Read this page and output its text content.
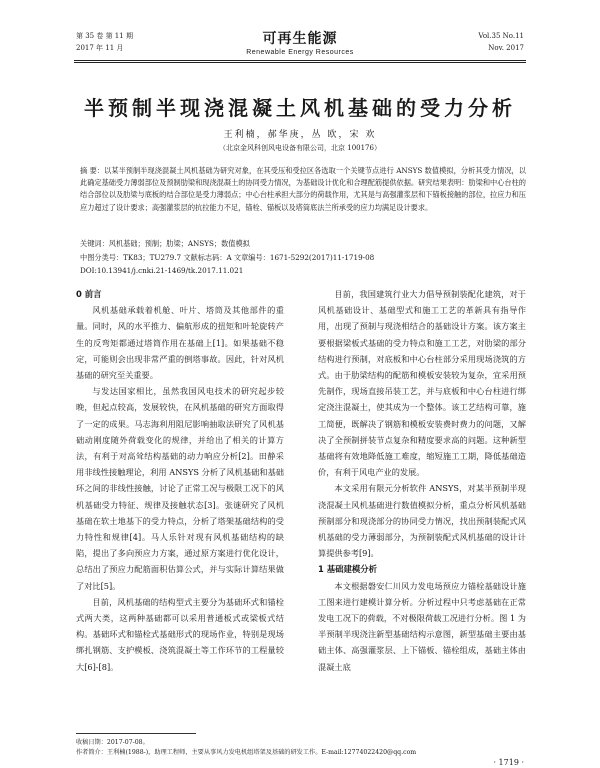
第 35 卷 第 11 期
2017 年 11 月
可再生能源
Renewable Energy Resources
Vol.35 No.11
Nov. 2017
半预制半现浇混凝土风机基础的受力分析
王利楠，郝华庚，丛 欧，宋 欢
（北京金风科创风电设备有限公司，北京 100176）
摘 要：以某半预制半现浇混凝土风机基础为研究对象，在其受压和受拉区各选取一个关键节点进行 ANSYS 数值模拟，分析其受力情况，以此确定基础受力薄弱部位及预制肋梁和现浇混凝土的协同受力情况，为基础设计优化和合理配筋提供依据。研究结果表明：肋梁和中心台柱的结合部位以及肋梁与底板的结合部位是受力薄弱点；中心台柱承担大部分的荷载作用，尤其是与高强灌浆层和下锚板接触的部位，拉应力和压应力超过了设计要求；高强灌浆层的抗拉能力不足，锚栓、锚板以及塔筒底法兰所承受的应力均满足设计要求。
关键词：风机基础；预制；肋梁；ANSYS；数值模拟
中图分类号：TK83；TU279.7 文献标志码：A 文章编号：1671-5292(2017)11-1719-08
DOI:10.13941/j.cnki.21-1469/tk.2017.11.021
0 前言

风机基础承载着机舱、叶片、塔筒及其他部件的重量。同时，风的水平推力、偏航形成的扭矩和叶轮旋转产生的反弯矩都通过塔筒作用在基础上[1]。如果基础不稳定，可能则会出现非常严重的倒塔事故。因此，针对风机基础的研究至关重要。

与发达国家相比，虽然我国风电技术的研究起步较晚，但起点较高，发展较快，在风机基础的研究方面取得了一定的成果。马志海利用阻尼影响抽取法研究了风机基础动刚度随外荷载变化的规律，并给出了相关的计算方法，有利于对高耸结构基础的动力响应分析[2]。田静采用非线性接触理论，利用 ANSYS 分析了风机基础和基础环之间的非线性接触，讨论了正常工况与极限工况下的风机基础受力特征、规律及接触状态[3]。张谜研究了风机基础在软土地基下的受力特点，分析了塔架基础结构的受力特性和规律[4]。马人乐针对现有风机基础结构的缺陷，提出了多向预应力方案，通过原方案进行优化设计，总结出了预应力配筋面积估算公式，并与实际计算结果做了对比[5]。

目前，风机基础的结构型式主要分为基础环式和锚栓式两大类，这两种基础都可以采用普通板式或梁板式结构。基础环式和锚栓式基础形式的现场作业，特别是现场绑扎钢筋、支护模板、浇筑混凝土等工作环节的工程量较大[6]-[8]。

目前，我国建筑行业大力倡导预制装配化建筑，对于风机基础设计、基础型式和施工工艺的革新具有指导作用，出现了预制与现浇相结合的基础设计方案。该方案主要根据梁板式基础的受力特点和施工工艺，对肋梁的部分结构进行预制，对底板和中心台柱部分采用现场浇筑的方式。由于肋梁结构的配筋和模板安装较为复杂，宜采用预先制作，现场直接吊装工艺，并与底板和中心台柱进行绑定浇注混凝土，使其成为一个整体。该工艺结构可靠，施工简便，既解决了钢筋和模板安装费时费力的问题，又解决了全预制拼装节点复杂和精度要求高的问题。这种新型基础将有效地降低施工难度，缩短施工工期，降低基础造价，有利于风电产业的发展。

本文采用有限元分析软件 ANSYS，对某半预制半现浇混凝土风机基础进行数值模拟分析，重点分析风机基础预制部分和现浇部分的协同受力情况，找出预制装配式风机基础的受力薄弱部分，为预制装配式风机基础的设计计算提供参考[9]。

1 基础建模分析

本文根据磐安仁川风力发电场预应力锚栓基础设计施工图来进行建模计算分析。分析过程中只考虑基础在正常发电工况下的荷载，不对极限荷载工况进行分析。图 1 为半预制半现浇注新型基础结构示意图，新型基础主要由基础主体、高强灌浆层、上下锚板、锚栓组成，基础主体由混凝土底

收稿日期：2017-07-08。
作者简介：王利楠(1988-)，助理工程师，主要从事风力发电机组塔架及基础的研发工作。E-mail:12774022420@qq.com
· 1719 ·
